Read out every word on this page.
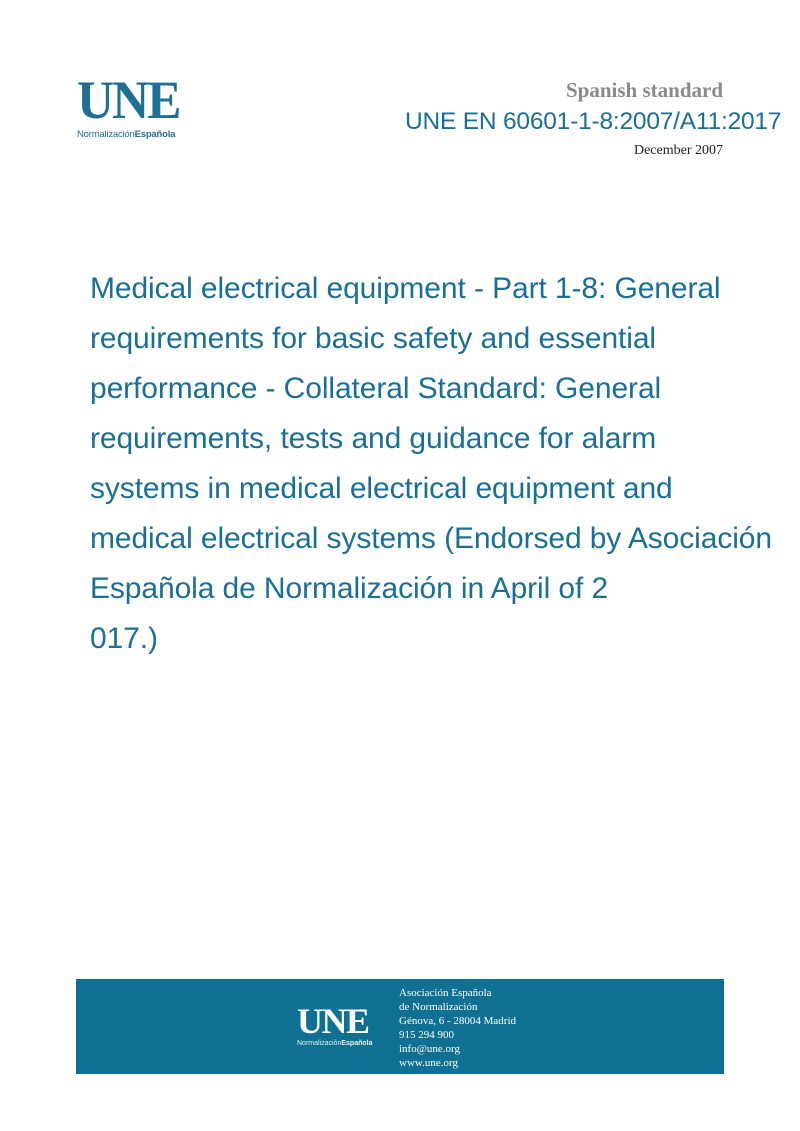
UNE
NormalizaciónEspañola
Spanish standard
UNE EN 60601-1-8:2007/A11:2017
December 2007
Medical electrical equipment - Part 1-8: General
requirements for basic safety and essential
performance - Collateral Standard: General
requirements, tests and guidance for alarm
systems in medical electrical equipment and
medical electrical systems (Endorsed by Asociación
Española de Normalización in April of 2
017.)
UNE
NormalizaciónEspañola
Asociación Española
de Normalización
Génova, 6 - 28004 Madrid
915 294 900
info@une.org
www.une.org
